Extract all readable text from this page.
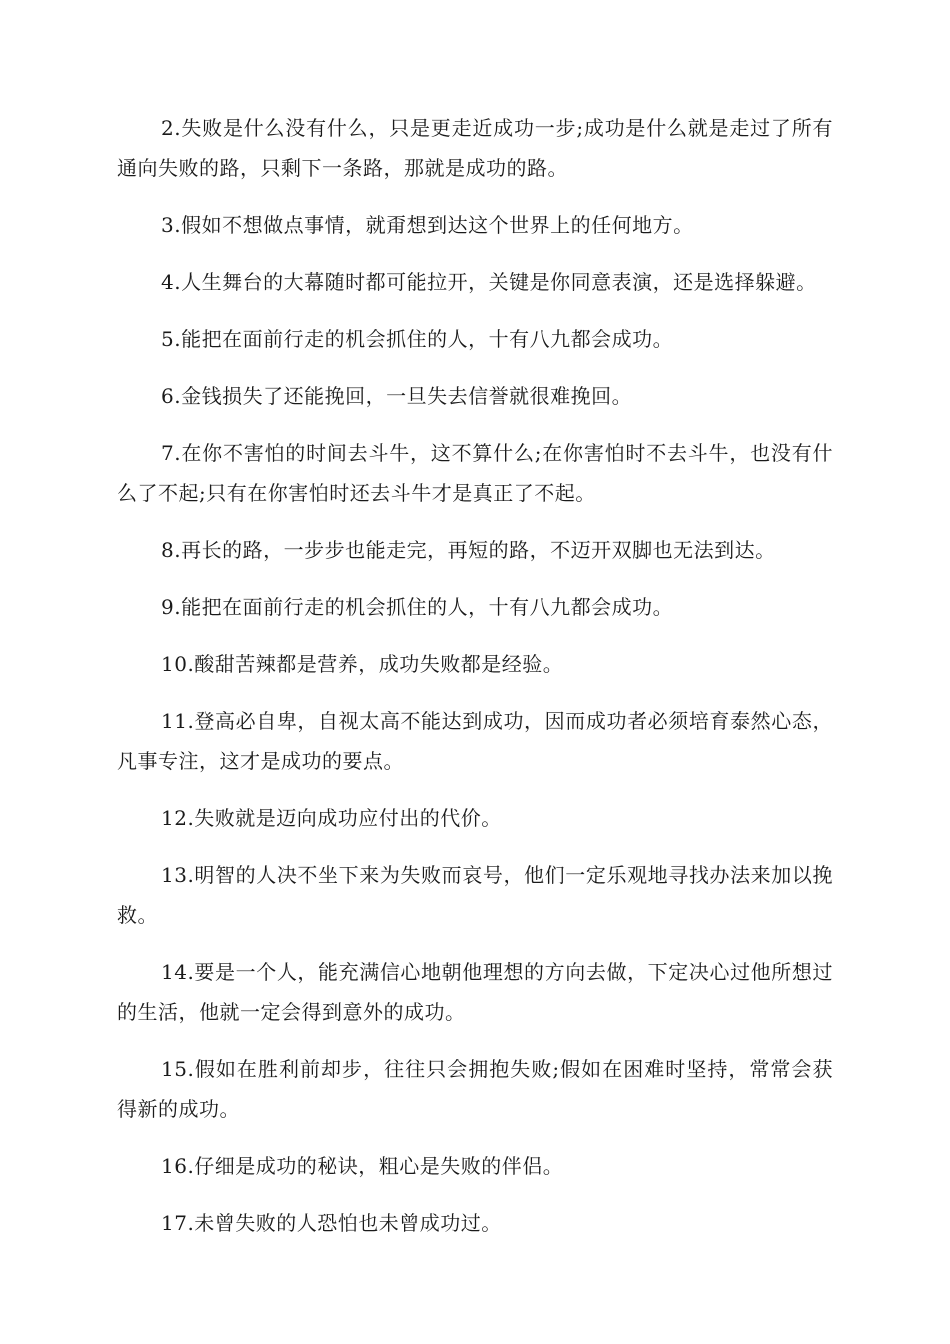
2.失败是什么没有什么，只是更走近成功一步;成功是什么就是走过了所有通向失败的路，只剩下一条路，那就是成功的路。

3.假如不想做点事情，就甭想到达这个世界上的任何地方。

4.人生舞台的大幕随时都可能拉开，关键是你同意表演，还是选择躲避。

5.能把在面前行走的机会抓住的人，十有八九都会成功。

6.金钱损失了还能挽回，一旦失去信誉就很难挽回。

7.在你不害怕的时间去斗牛，这不算什么;在你害怕时不去斗牛，也没有什么了不起;只有在你害怕时还去斗牛才是真正了不起。

8.再长的路，一步步也能走完，再短的路，不迈开双脚也无法到达。

9.能把在面前行走的机会抓住的人，十有八九都会成功。

10.酸甜苦辣都是营养，成功失败都是经验。

11.登高必自卑，自视太高不能达到成功，因而成功者必须培育泰然心态，凡事专注，这才是成功的要点。

12.失败就是迈向成功应付出的代价。

13.明智的人决不坐下来为失败而哀号，他们一定乐观地寻找办法来加以挽救。

14.要是一个人，能充满信心地朝他理想的方向去做，下定决心过他所想过的生活，他就一定会得到意外的成功。

15.假如在胜利前却步，往往只会拥抱失败;假如在困难时坚持，常常会获得新的成功。

16.仔细是成功的秘诀，粗心是失败的伴侣。

17.未曾失败的人恐怕也未曾成功过。
